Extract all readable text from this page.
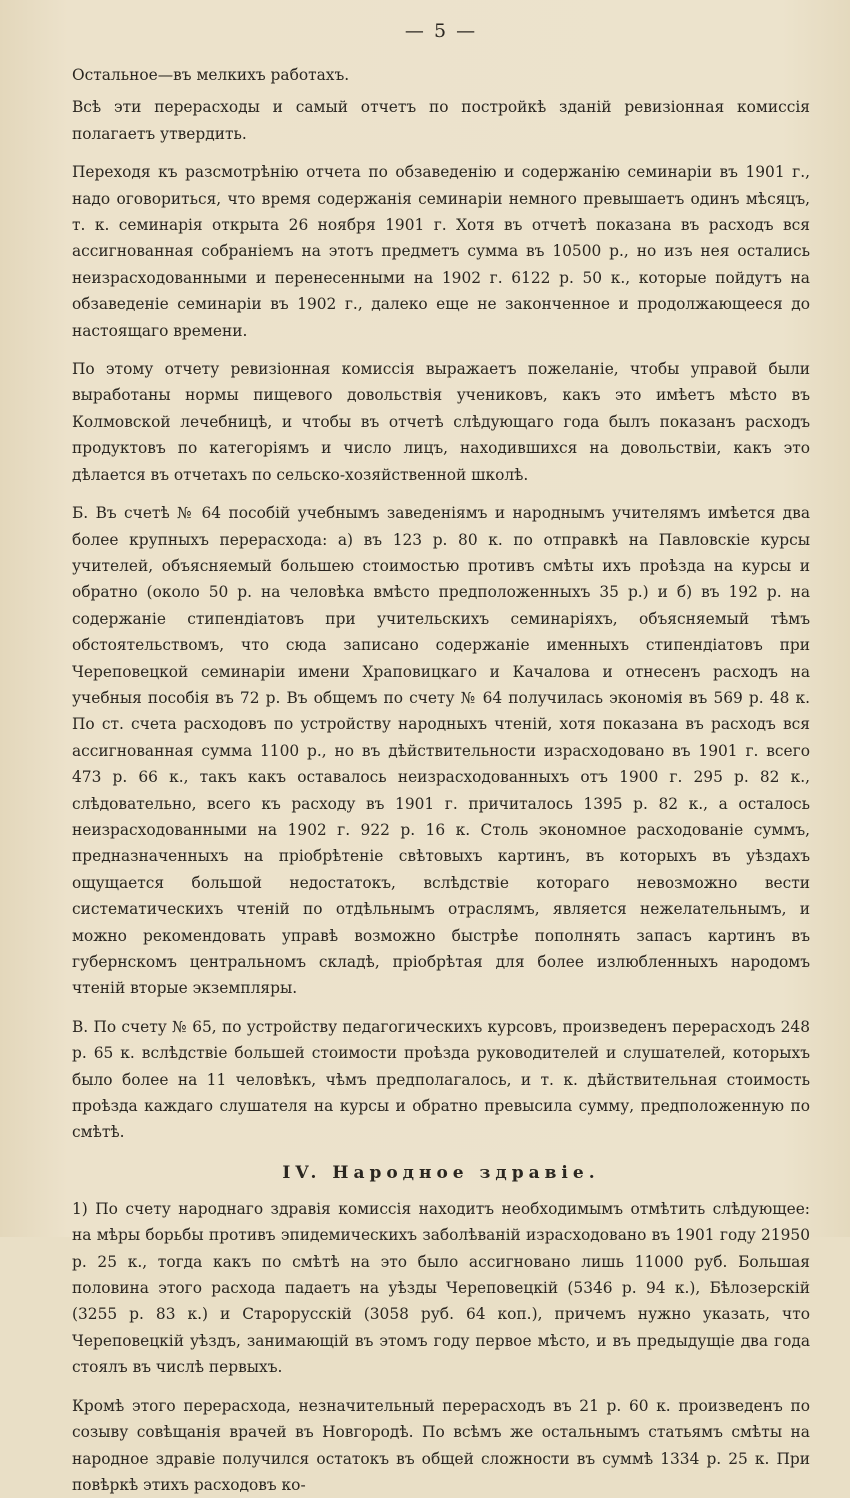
— 5 —

Остальное—въ мелкихъ работахъ.

Всѣ эти перерасходы и самый отчетъ по постройкѣ зданій ревизіонная комиссія полагаетъ утвердить.

Переходя къ разсмотрѣнію отчета по обзаведенію и содержанію семинаріи въ 1901 г., надо оговориться, что время содержанія семинаріи немного превышаетъ одинъ мѣсяцъ, т. к. семинарія открыта 26 ноября 1901 г. Хотя въ отчетѣ показана въ расходъ вся ассигнованная собраніемъ на этотъ предметъ сумма въ 10500 р., но изъ нея остались неизрасходованными и перенесенными на 1902 г. 6122 р. 50 к., которые пойдутъ на обзаведеніе семинаріи въ 1902 г., далеко еще не законченное и продолжающееся до настоящаго времени.

По этому отчету ревизіонная комиссія выражаетъ пожеланіе, чтобы управой были выработаны нормы пищевого довольствія учениковъ, какъ это имѣетъ мѣсто въ Колмовской лечебницѣ, и чтобы въ отчетѣ слѣдующаго года былъ показанъ расходъ продуктовъ по категоріямъ и число лицъ, находившихся на довольствіи, какъ это дѣлается въ отчетахъ по сельско-хозяйственной школѣ.

Б. Въ счетѣ № 64 пособій учебнымъ заведеніямъ и народнымъ учителямъ имѣется два более крупныхъ перерасхода: а) въ 123 р. 80 к. по отправкѣ на Павловскіе курсы учителей, объясняемый большею стоимостью противъ смѣты ихъ проѣзда на курсы и обратно (около 50 р. на человѣка вмѣсто предположенныхъ 35 р.) и б) въ 192 р. на содержаніе стипендіатовъ при учительскихъ семинаріяхъ, объясняемый тѣмъ обстоятельствомъ, что сюда записано содержаніе именныхъ стипендіатовъ при Череповецкой семинаріи имени Храповицкаго и Качалова и отнесенъ расходъ на учебныя пособія въ 72 р. Въ общемъ по счету № 64 получилась экономія въ 569 р. 48 к. По ст. счета расходовъ по устройству народныхъ чтеній, хотя показана въ расходъ вся ассигнованная сумма 1100 р., но въ дѣйствительности израсходовано въ 1901 г. всего 473 р. 66 к., такъ какъ оставалось неизрасходованныхъ отъ 1900 г. 295 р. 82 к., слѣдовательно, всего къ расходу въ 1901 г. причиталось 1395 р. 82 к., а осталось неизрасходованными на 1902 г. 922 р. 16 к. Столь экономное расходованіе суммъ, предназначенныхъ на пріобрѣтеніе свѣтовыхъ картинъ, въ которыхъ въ уѣздахъ ощущается большой недостатокъ, вслѣдствіе котораго невозможно вести систематическихъ чтеній по отдѣльнымъ отраслямъ, является нежелательнымъ, и можно рекомендовать управѣ возможно быстрѣе пополнять запасъ картинъ въ губернскомъ центральномъ складѣ, пріобрѣтая для более излюбленныхъ народомъ чтеній вторые экземпляры.

В. По счету № 65, по устройству педагогическихъ курсовъ, произведенъ перерасходъ 248 р. 65 к. вслѣдствіе большей стоимости проѣзда руководителей и слушателей, которыхъ было более на 11 человѣкъ, чѣмъ предполагалось, и т. к. дѣйствительная стоимость проѣзда каждаго слушателя на курсы и обратно превысила сумму, предположенную по смѣтѣ.

IV. Народное здравіе.

1) По счету народнаго здравія комиссія находитъ необходимымъ отмѣтить слѣдующее: на мѣры борьбы противъ эпидемическихъ заболѣваній израсходовано въ 1901 году 21950 р. 25 к., тогда какъ по смѣтѣ на это было ассигновано лишь 11000 руб. Большая половина этого расхода падаетъ на уѣзды Череповецкій (5346 р. 94 к.), Бѣлозерскій (3255 р. 83 к.) и Старорусскій (3058 руб. 64 коп.), причемъ нужно указать, что Череповецкій уѣздъ, занимающій въ этомъ году первое мѣсто, и въ предыдущіе два года стоялъ въ числѣ первыхъ.

Кромѣ этого перерасхода, незначительный перерасходъ въ 21 р. 60 к. произведенъ по созыву совѣщанія врачей въ Новгородѣ. По всѣмъ же остальнымъ статьямъ смѣты на народное здравіе получился остатокъ въ общей сложности въ суммѣ 1334 р. 25 к. При повѣркѣ этихъ расходовъ ко-
